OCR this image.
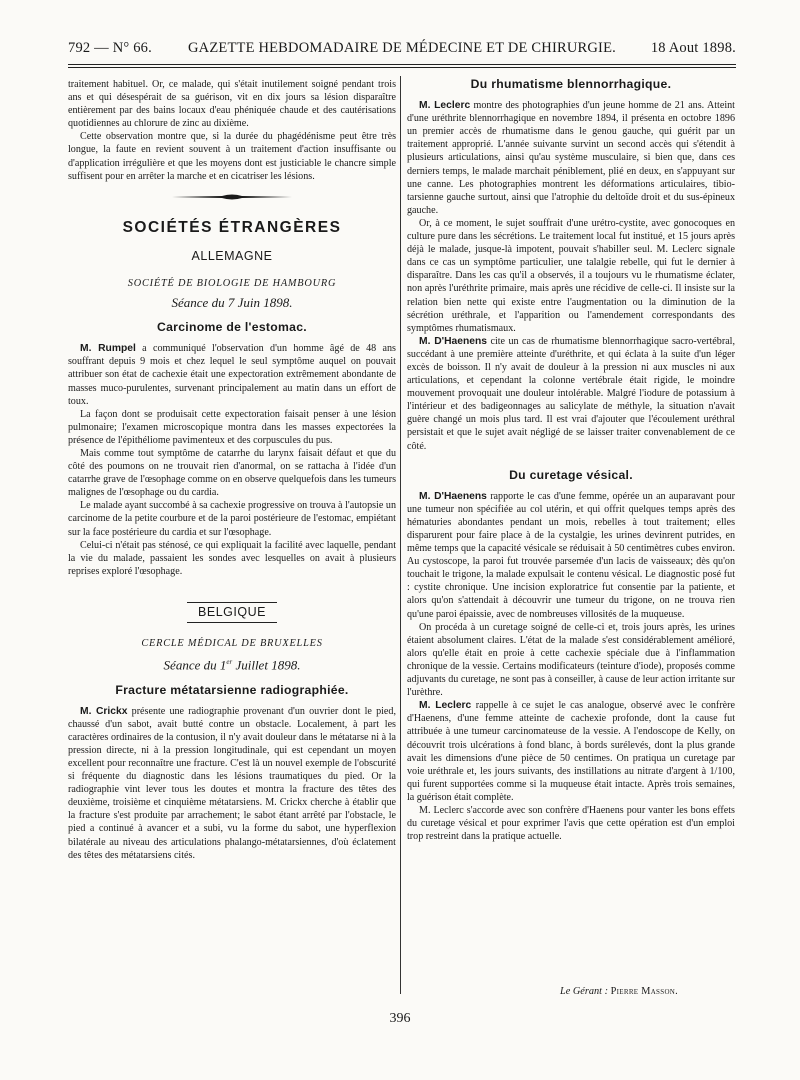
792 — N° 66.	GAZETTE HEBDOMADAIRE DE MÉDECINE ET DE CHIRURGIE.	18 Aout 1898.

traitement habituel. Or, ce malade, qui s'était inutilement soigné pendant trois ans et qui désespérait de sa guérison, vit en dix jours sa lésion disparaître entièrement par des bains locaux d'eau phéniquée chaude et des cautérisations quotidiennes au chlorure de zinc au dixième.

Cette observation montre que, si la durée du phagédénisme peut être très longue, la faute en revient souvent à un traitement d'action insuffisante ou d'application irrégulière et que les moyens dont est justiciable le chancre simple suffisent pour en arrêter la marche et en cicatriser les lésions.

SOCIÉTÉS ÉTRANGÈRES
ALLEMAGNE
SOCIÉTÉ DE BIOLOGIE DE HAMBOURG
Séance du 7 Juin 1898.
Carcinome de l'estomac.

M. Rumpel a communiqué l'observation d'un homme âgé de 48 ans souffrant depuis 9 mois et chez lequel le seul symptôme auquel on pouvait attribuer son état de cachexie était une expectoration extrêmement abondante de masses muco-purulentes, survenant principalement au matin dans un effort de toux.

La façon dont se produisait cette expectoration faisait penser à une lésion pulmonaire; l'examen microscopique montra dans les masses expectorées la présence de l'épithéliome pavimenteux et des corpuscules du pus.

Mais comme tout symptôme de catarrhe du larynx faisait défaut et que du côté des poumons on ne trouvait rien d'anormal, on se rattacha à l'idée d'un catarrhe grave de l'œsophage comme on en observe quelquefois dans les tumeurs malignes de l'œsophage ou du cardia.

Le malade ayant succombé à sa cachexie progressive on trouva à l'autopsie un carcinome de la petite courbure et de la paroi postérieure de l'estomac, empiétant sur la face postérieure du cardia et sur l'œsophage.

Celui-ci n'était pas sténosé, ce qui expliquait la facilité avec laquelle, pendant la vie du malade, passaient les sondes avec lesquelles on avait à plusieurs reprises exploré l'œsophage.

BELGIQUE
CERCLE MÉDICAL DE BRUXELLES
Séance du 1er Juillet 1898.
Fracture métatarsienne radiographiée.

M. Crickx présente une radiographie provenant d'un ouvrier dont le pied, chaussé d'un sabot, avait butté contre un obstacle. Localement, à part les caractères ordinaires de la contusion, il n'y avait douleur dans le métatarse ni à la pression directe, ni à la pression longitudinale, qui est cependant un moyen excellent pour reconnaître une fracture. C'est là un nouvel exemple de l'obscurité si fréquente du diagnostic dans les lésions traumatiques du pied. Or la radiographie vint lever tous les doutes et montra la fracture des têtes des deuxième, troisième et cinquième métatarsiens. M. Crickx cherche à établir que la fracture s'est produite par arrachement; le sabot étant arrêté par l'obstacle, le pied a continué à avancer et a subi, vu la forme du sabot, une hyperflexion bilatérale au niveau des articulations phalango-métatarsiennes, d'où éclatement des têtes des métatarsiens cités.

Du rhumatisme blennorrhagique.

M. Leclerc montre des photographies d'un jeune homme de 21 ans. Atteint d'une uréthrite blennorrhagique en novembre 1894, il présenta en octobre 1896 un premier accès de rhumatisme dans le genou gauche, qui guérit par un traitement approprié. L'année suivante survint un second accès qui s'étendit à plusieurs articulations, ainsi qu'au système musculaire, si bien que, dans ces derniers temps, le malade marchait péniblement, plié en deux, en s'appuyant sur une canne. Les photographies montrent les déformations articulaires, tibio-tarsienne gauche surtout, ainsi que l'atrophie du deltoïde droit et du sus-épineux gauche.

Or, à ce moment, le sujet souffrait d'une urétro-cystite, avec gonocoques en culture pure dans les sécrétions. Le traitement local fut institué, et 15 jours après déjà le malade, jusque-là impotent, pouvait s'habiller seul. M. Leclerc signale dans ce cas un symptôme particulier, une talalgie rebelle, qui fut le dernier à disparaître. Dans les cas qu'il a observés, il a toujours vu le rhumatisme éclater, non après l'uréthrite primaire, mais après une récidive de celle-ci. Il insiste sur la relation bien nette qui existe entre l'augmentation ou la diminution de la sécrétion uréthrale, et l'apparition ou l'amendement correspondants des symptômes rhumatismaux.

M. D'Haenens cite un cas de rhumatisme blennorrhagique sacro-vertébral, succédant à une première atteinte d'uréthrite, et qui éclata à la suite d'un léger excès de boisson. Il n'y avait de douleur à la pression ni aux muscles ni aux articulations, et cependant la colonne vertébrale était rigide, le moindre mouvement provoquait une douleur intolérable. Malgré l'iodure de potassium à l'intérieur et des badigeonnages au salicylate de méthyle, la situation n'avait guère changé un mois plus tard. Il est vrai d'ajouter que l'écoulement uréthral persistait et que le sujet avait négligé de se laisser traiter convenablement de ce côté.

Du curetage vésical.

M. D'Haenens rapporte le cas d'une femme, opérée un an auparavant pour une tumeur non spécifiée au col utérin, et qui offrit quelques temps après des hématuries abondantes pendant un mois, rebelles à tout traitement; elles disparurent pour faire place à de la cystalgie, les urines devinrent putrides, en même temps que la capacité vésicale se réduisait à 50 centimètres cubes environ. Au cystoscope, la paroi fut trouvée parsemée d'un lacis de vaisseaux; dès qu'on touchait le trigone, la malade expulsait le contenu vésical. Le diagnostic posé fut : cystite chronique. Une incision exploratrice fut consentie par la patiente, et alors qu'on s'attendait à découvrir une tumeur du trigone, on ne trouva rien qu'une paroi épaissie, avec de nombreuses villosités de la muqueuse.

On procéda à un curetage soigné de celle-ci et, trois jours après, les urines étaient absolument claires. L'état de la malade s'est considérablement amélioré, alors qu'elle était en proie à cette cachexie spéciale due à l'inflammation chronique de la vessie. Certains modificateurs (teinture d'iode), proposés comme adjuvants du curetage, ne sont pas à conseiller, à cause de leur action irritante sur l'urèthre.

M. Leclerc rappelle à ce sujet le cas analogue, observé avec le confrère d'Haenens, d'une femme atteinte de cachexie profonde, dont la cause fut attribuée à une tumeur carcinomateuse de la vessie. A l'endoscope de Kelly, on découvrit trois ulcérations à fond blanc, à bords surélevés, dont la plus grande avait les dimensions d'une pièce de 50 centimes. On pratiqua un curetage par voie uréthrale et, les jours suivants, des instillations au nitrate d'argent à 1/100, qui furent supportées comme si la muqueuse était intacte. Après trois semaines, la guérison était complète.

M. Leclerc s'accorde avec son confrère d'Haenens pour vanter les bons effets du curetage vésical et pour exprimer l'avis que cette opération est d'un emploi trop restreint dans la pratique actuelle.

Le Gérant : Pierre Masson.
396
